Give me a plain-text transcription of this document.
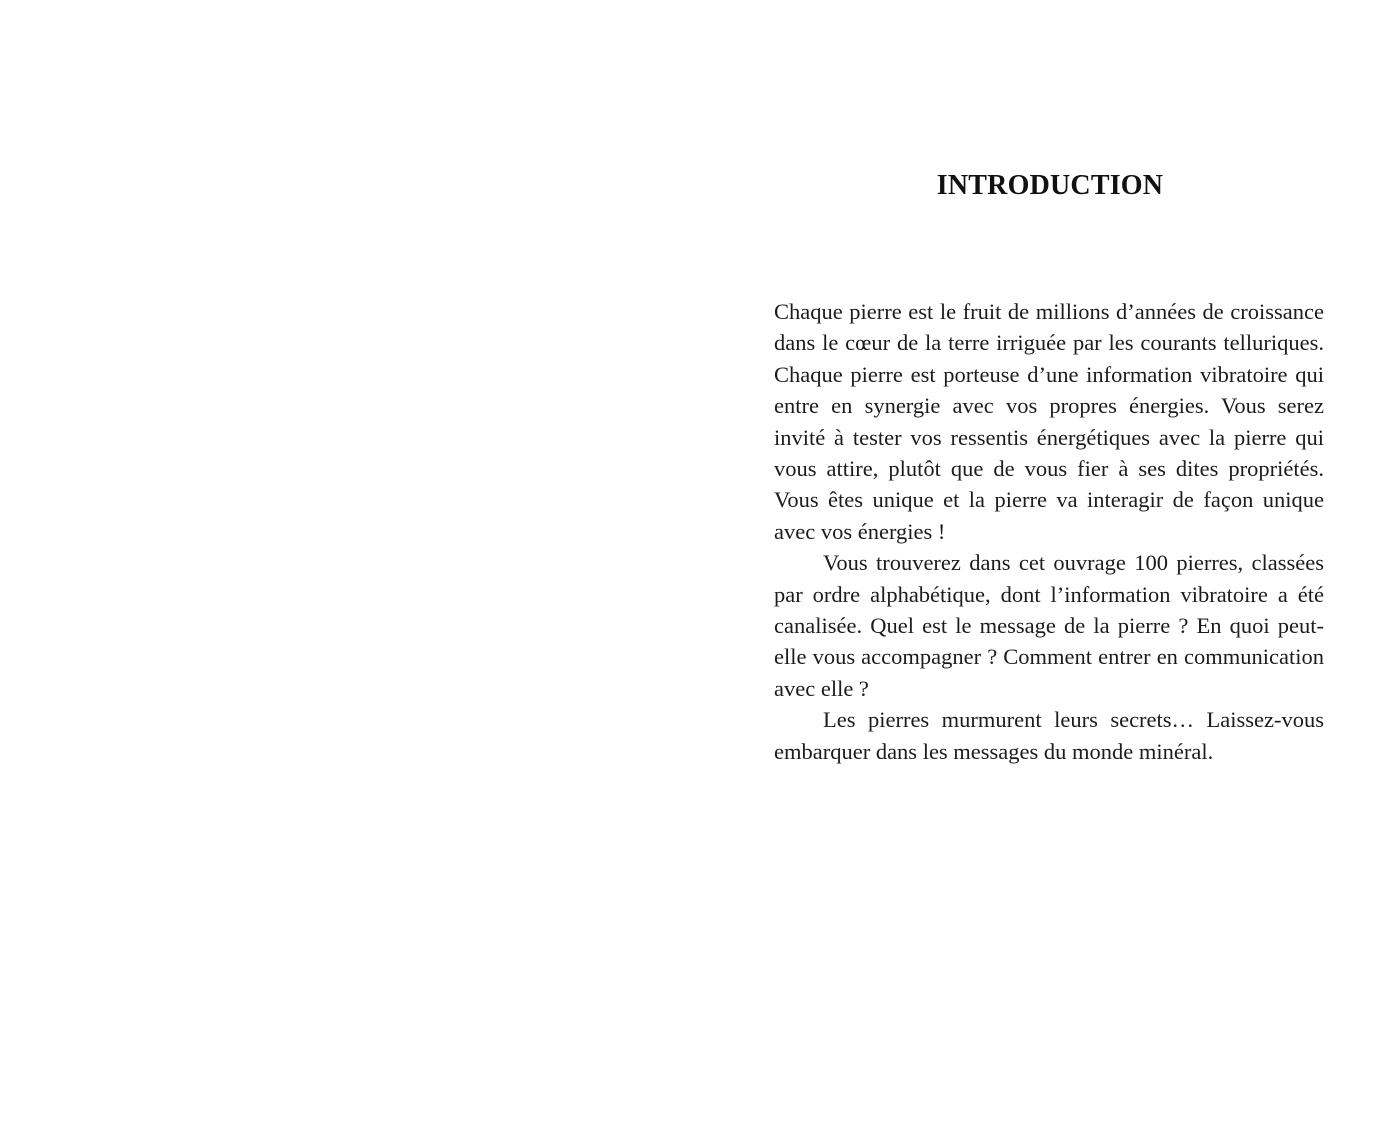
INTRODUCTION

Chaque pierre est le fruit de millions d’années de croissance dans le cœur de la terre irriguée par les courants telluriques. Chaque pierre est porteuse d’une information vibratoire qui entre en synergie avec vos propres énergies. Vous serez invité à tester vos ressentis énergétiques avec la pierre qui vous attire, plutôt que de vous fier à ses dites propriétés. Vous êtes unique et la pierre va interagir de façon unique avec vos énergies !

Vous trouverez dans cet ouvrage 100 pierres, classées par ordre alphabétique, dont l’information vibratoire a été canalisée. Quel est le message de la pierre ? En quoi peut-elle vous accompagner ? Comment entrer en communication avec elle ?

Les pierres murmurent leurs secrets… Laissez-vous embarquer dans les messages du monde minéral.
